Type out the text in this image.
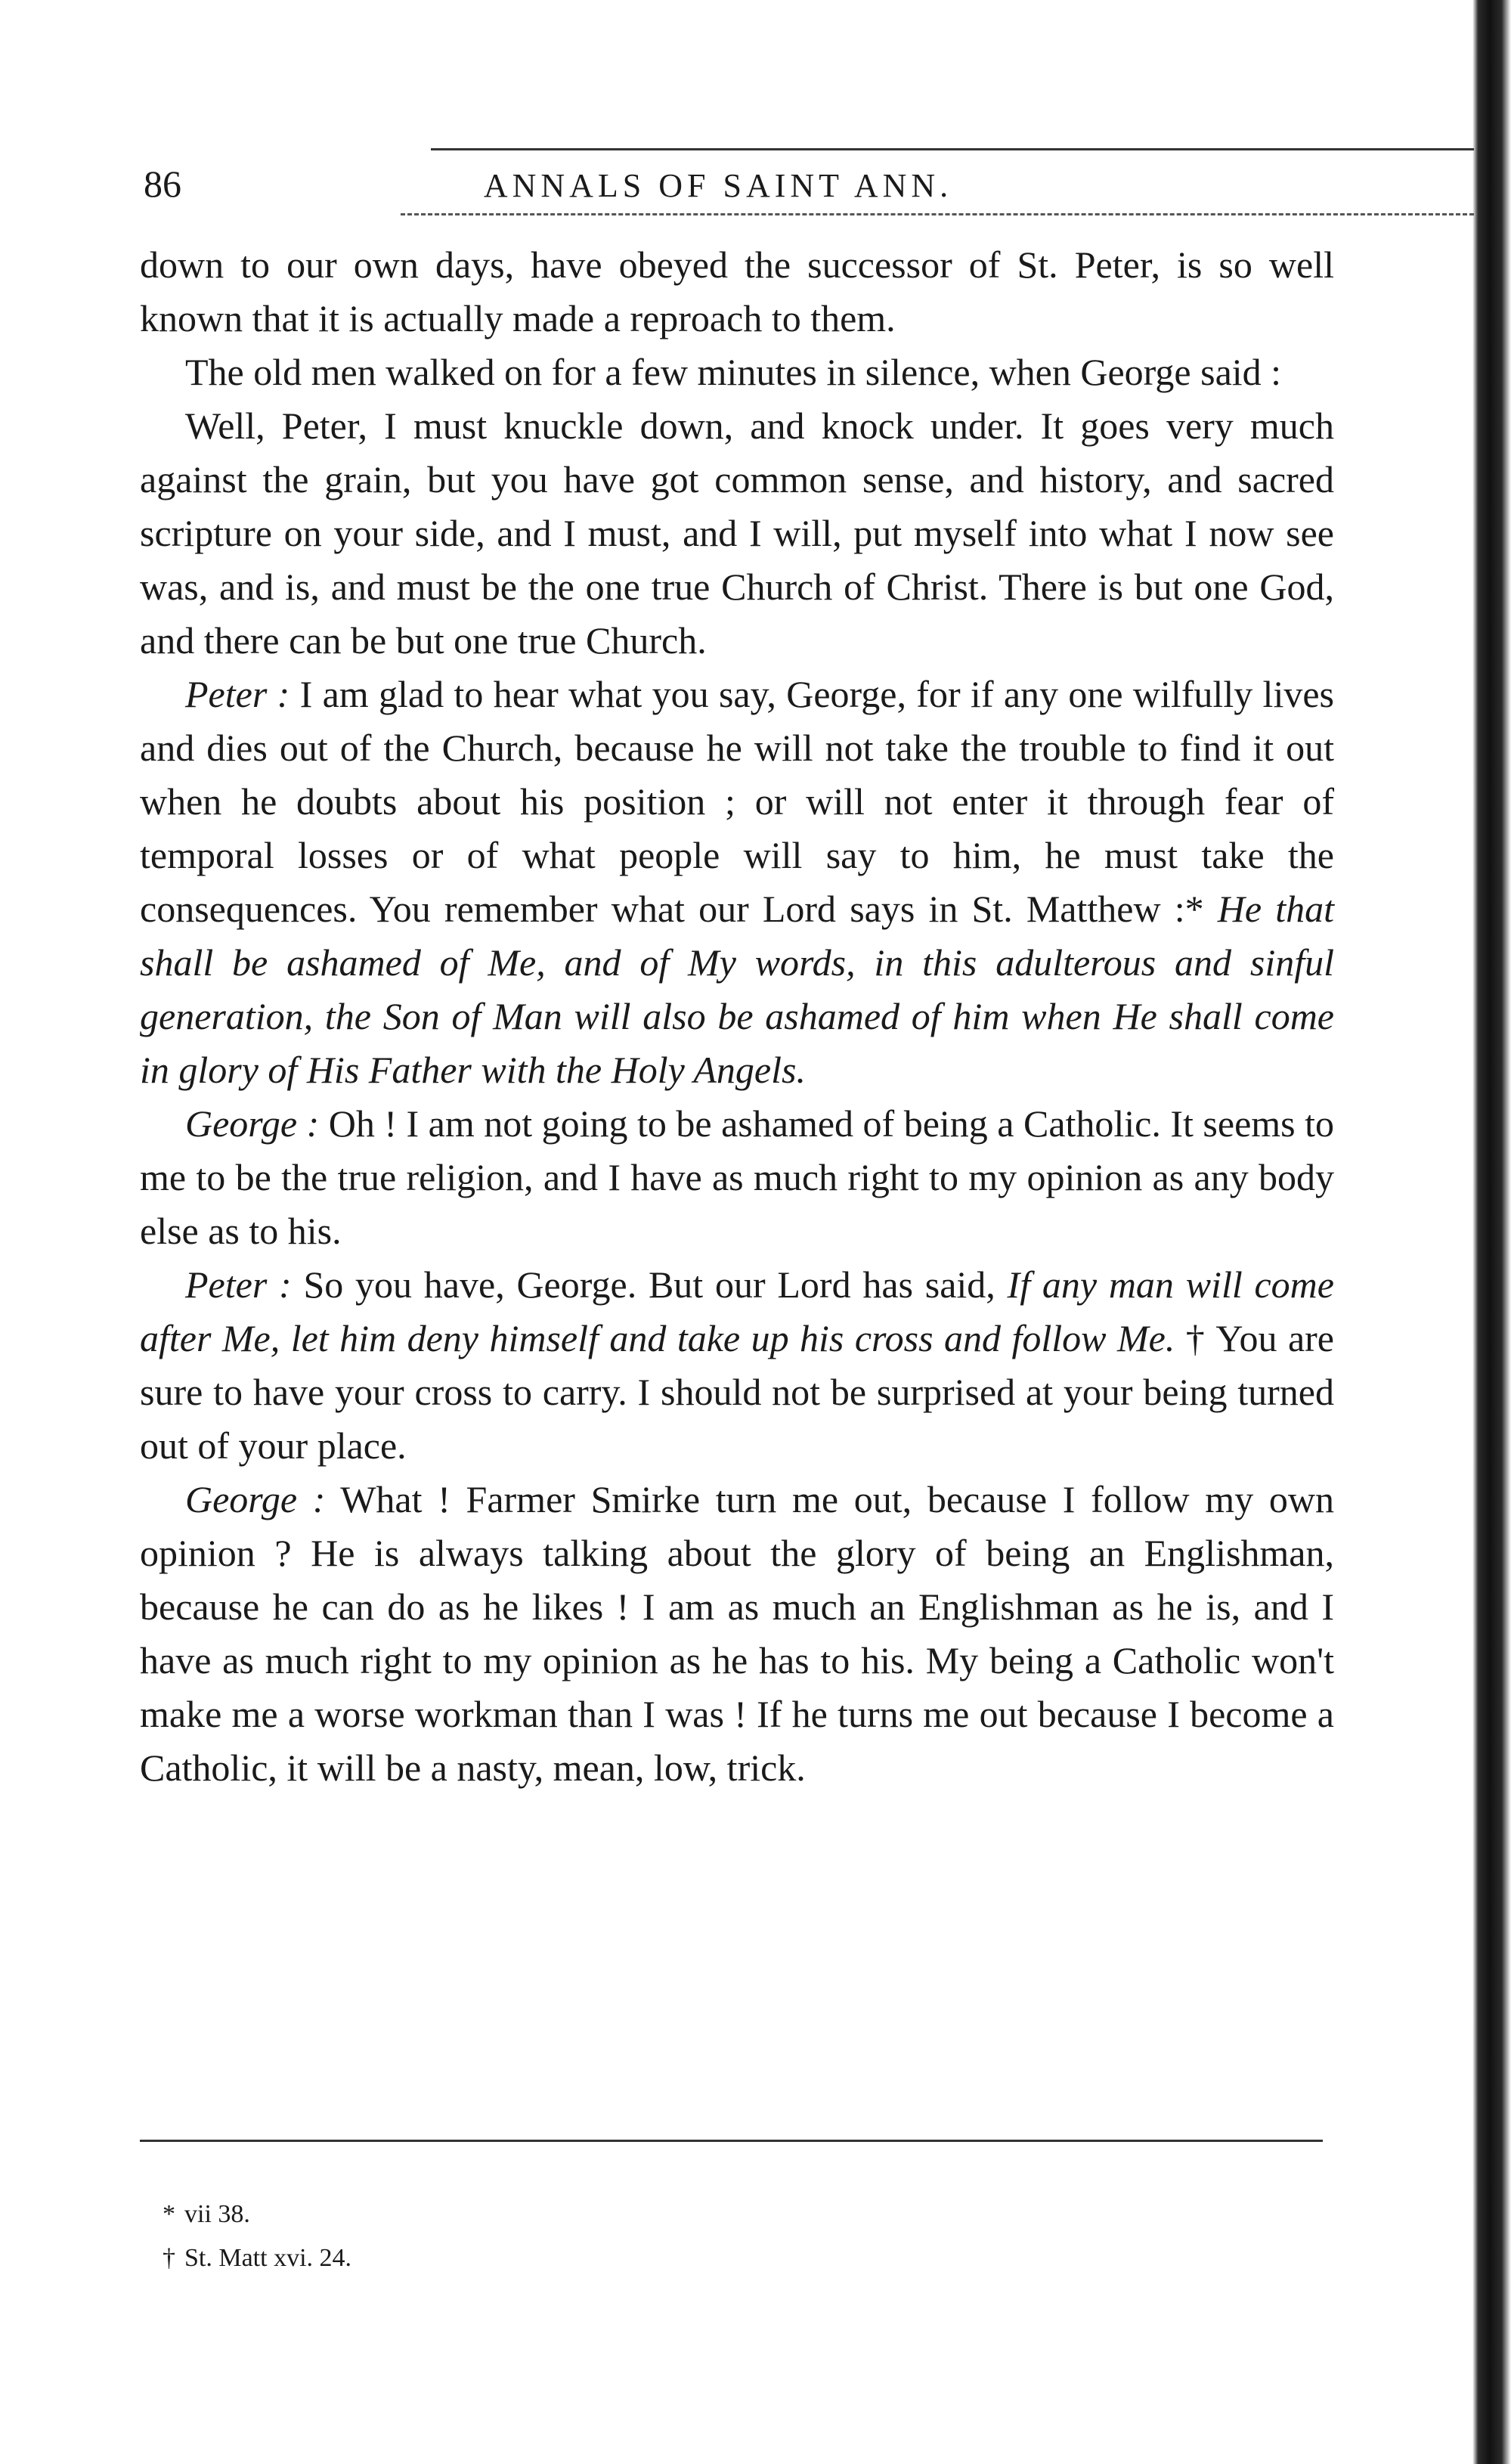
86	ANNALS OF SAINT ANN.

down to our own days, have obeyed the successor of St. Peter, is so well known that it is actually made a reproach to them.

The old men walked on for a few minutes in silence, when George said :

Well, Peter, I must knuckle down, and knock under. It goes very much against the grain, but you have got common sense, and history, and sacred scripture on your side, and I must, and I will, put myself into what I now see was, and is, and must be the one true Church of Christ. There is but one God, and there can be but one true Church.

Peter : I am glad to hear what you say, George, for if any one wilfully lives and dies out of the Church, because he will not take the trouble to find it out when he doubts about his position ; or will not enter it through fear of temporal losses or of what people will say to him, he must take the consequences. You remember what our Lord says in St. Matthew :* He that shall be ashamed of Me, and of My words, in this adulterous and sinful generation, the Son of Man will also be ashamed of him when He shall come in glory of His Father with the Holy Angels.

George : Oh ! I am not going to be ashamed of being a Catholic. It seems to me to be the true religion, and I have as much right to my opinion as any body else as to his.

Peter : So you have, George. But our Lord has said, If any man will come after Me, let him deny himself and take up his cross and follow Me. † You are sure to have your cross to carry. I should not be surprised at your being turned out of your place.

George : What ! Farmer Smirke turn me out, because I follow my own opinion ? He is always talking about the glory of being an Englishman, because he can do as he likes ! I am as much an Englishman as he is, and I have as much right to my opinion as he has to his. My being a Catholic won't make me a worse workman than I was ! If he turns me out because I become a Catholic, it will be a nasty, mean, low, trick.

* vii 38.
† St. Matt xvi. 24.
